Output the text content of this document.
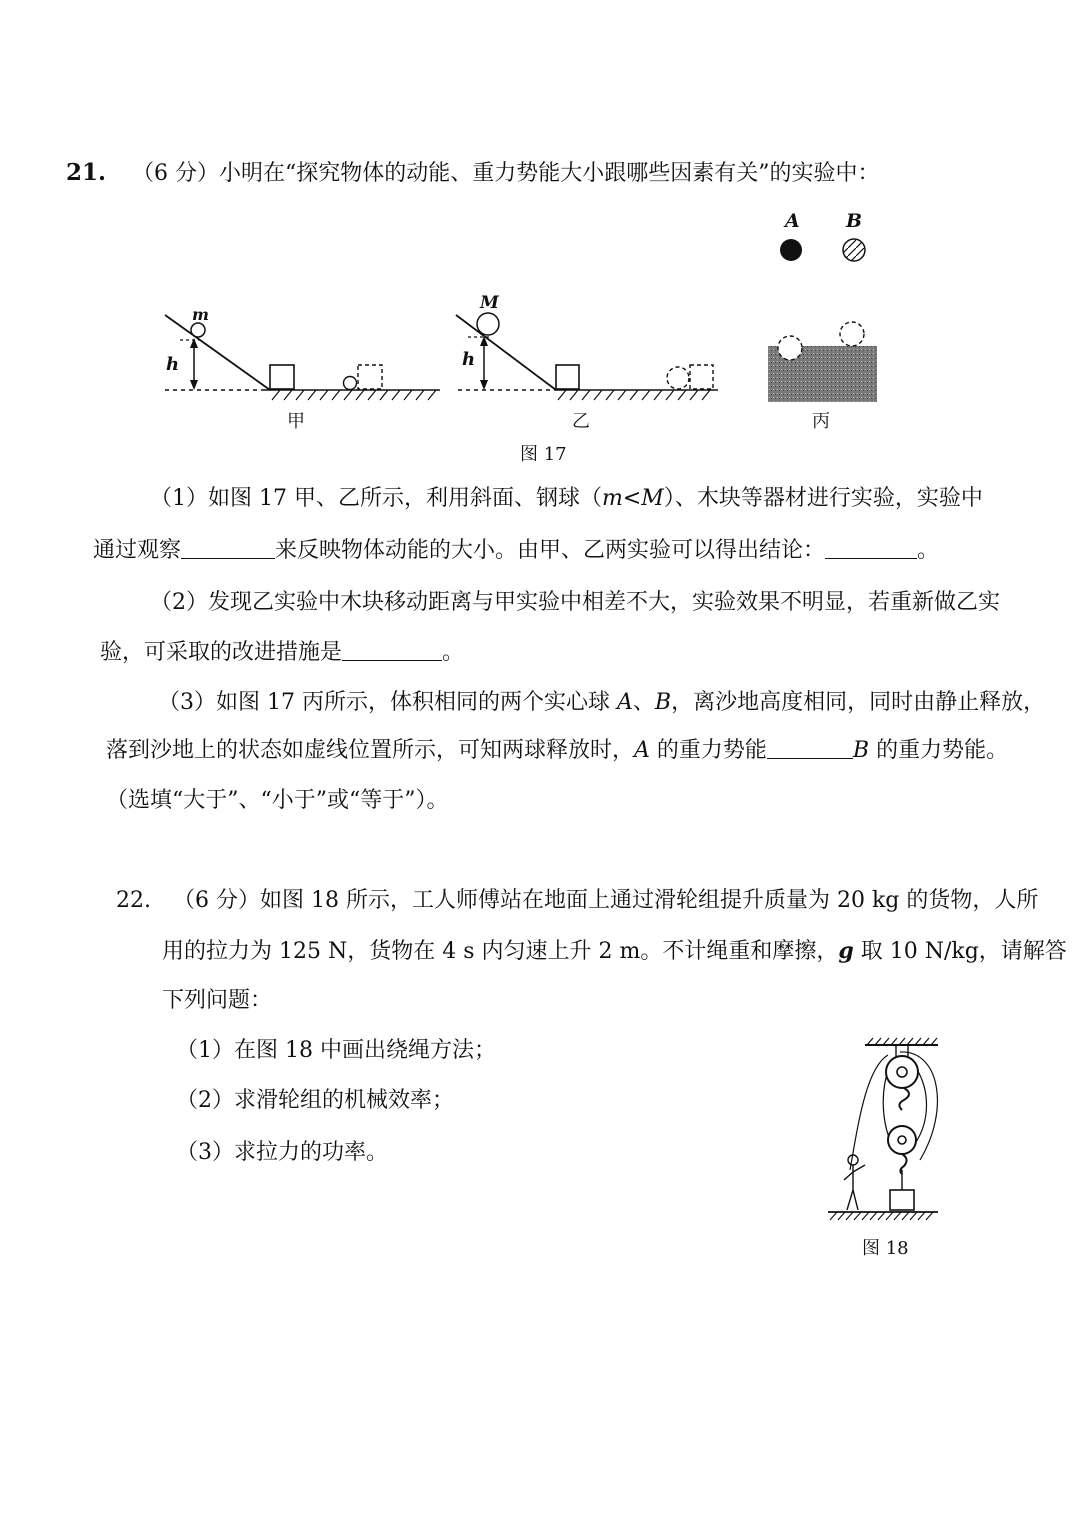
21. （6 分）小明在“探究物体的动能、重力势能大小跟哪些因素有关”的实验中：
h
m
h
M
A B
甲	乙	丙
图 17
（1）如图 17 甲、乙所示，利用斜面、钢球（m<M）、木块等器材进行实验，实验中
通过观察	来反映物体动能的大小。由甲、乙两实验可以得出结论：	。
（2）发现乙实验中木块移动距离与甲实验中相差不大，实验效果不明显，若重新做乙实
验，可采取的改进措施是	。
（3）如图 17 丙所示，体积相同的两个实心球 A、B，离沙地高度相同，同时由静止释放，
落到沙地上的状态如虚线位置所示，可知两球释放时，A 的重力势能	B 的重力势能。
（选填“大于”、“小于”或“等于”）。
22. （6 分）如图 18 所示，工人师傅站在地面上通过滑轮组提升质量为 20 kg 的货物，人所
用的拉力为 125 N，货物在 4 s 内匀速上升 2 m。不计绳重和摩擦，g 取 10 N/kg，请解答
下列问题：
（1）在图 18 中画出绕绳方法；
（2）求滑轮组的机械效率；
（3）求拉力的功率。
图 18
